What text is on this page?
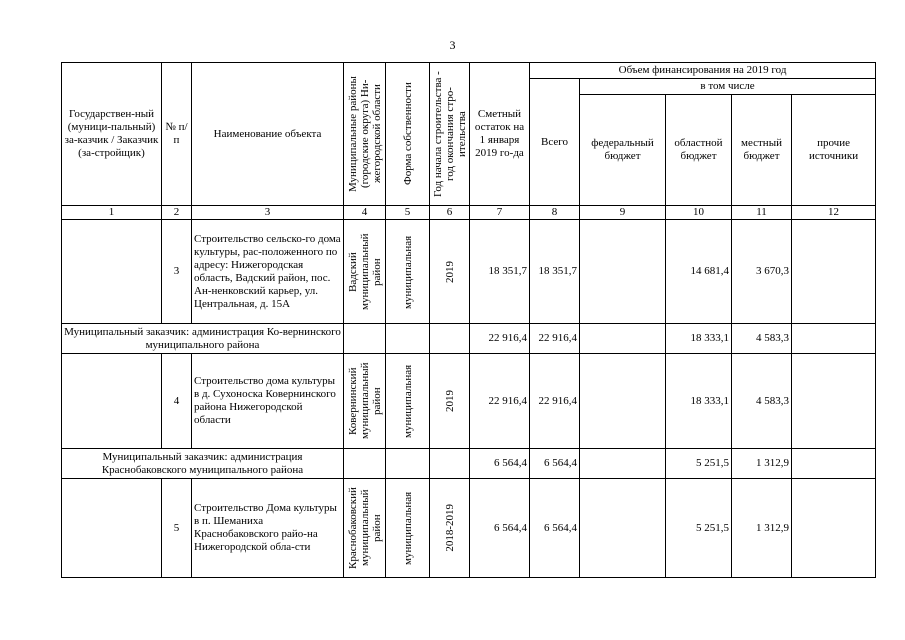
3
Государствен-ный (муници-пальный) за-казчик / Заказчик (за-стройщик)	№ п/п	Наименование объекта	Муниципальные районы (городские округа) Ни-жегородской области	Форма собственности	Год начала строительства - год окончания стро-ительства	Сметный остаток на 1 января 2019 го-да	Объем финансирования на 2019 год				
							Всего	в том числе			
								федеральный бюджет	областной бюджет	местный бюджет	прочие источники
1	2	3	4	5	6	7	8	9	10	11	12
	3	Строительство сельско-го дома культуры, рас-положенного по адресу: Нижегородская область, Вадский район, пос. Ан-ненковский карьер, ул. Центральная, д. 15А	Вадский муниципальный район	муниципальная	2019	18 351,7	18 351,7		14 681,4	3 670,3	
Муниципальный заказчик: администрация Ко-вернинского муниципального района						22 916,4	22 916,4		18 333,1	4 583,3	
	4	Строительство дома культуры в д. Сухоноска Ковернинского района Нижегородской области	Ковернинский муниципальный район	муниципальная	2019	22 916,4	22 916,4		18 333,1	4 583,3	
Муниципальный заказчик: администрация Краснобаковского муниципального района						6 564,4	6 564,4		5 251,5	1 312,9	
	5	Строительство Дома культуры в п. Шеманиха Краснобаковского райо-на Нижегородской обла-сти	Краснобаковский муниципальный район	муниципальная	2018-2019	6 564,4	6 564,4		5 251,5	1 312,9	
